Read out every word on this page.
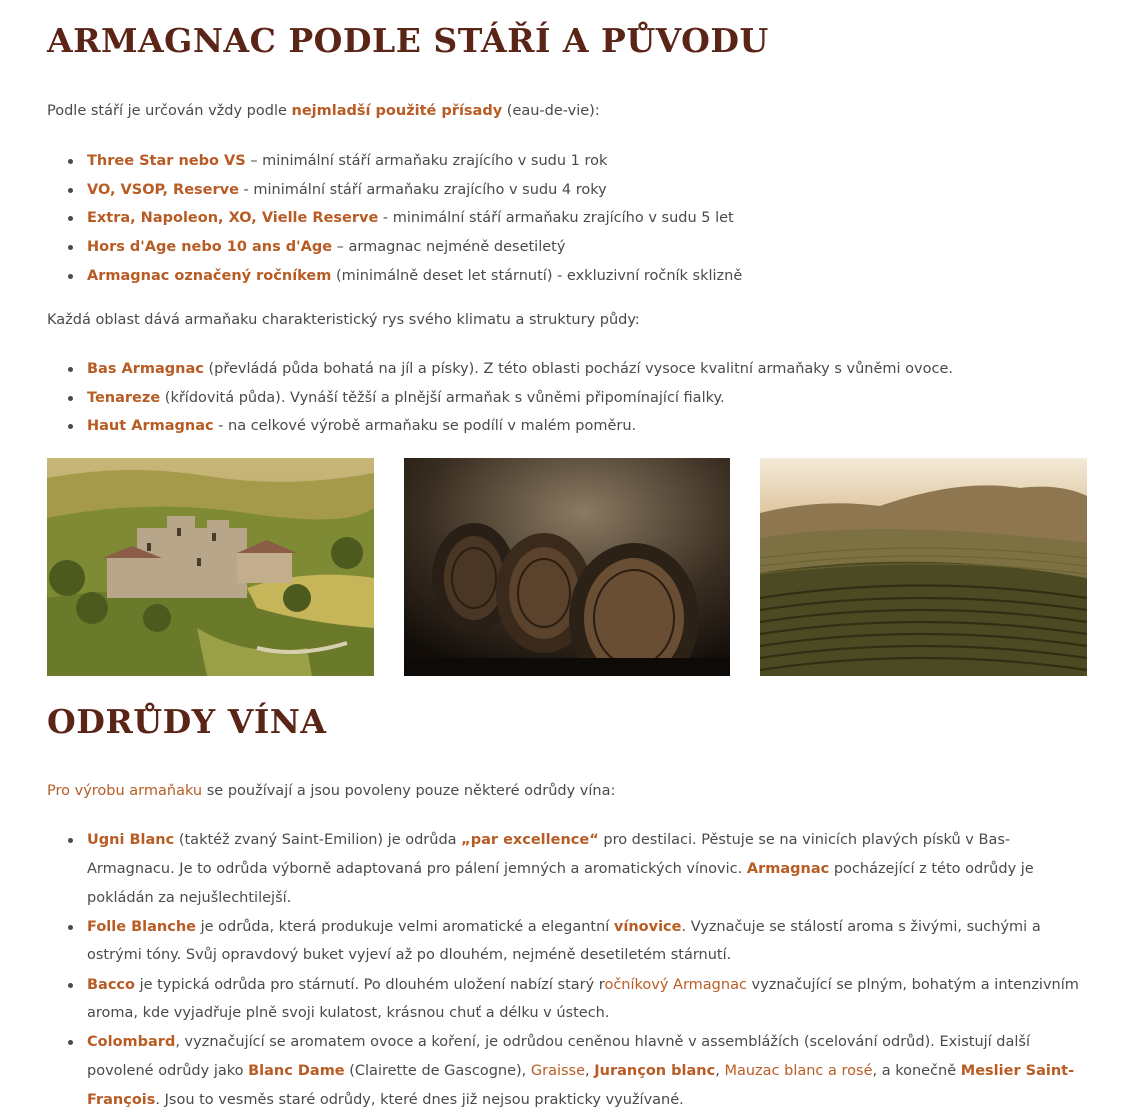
ARMAGNAC PODLE STÁŘÍ A PŮVODU

Podle stáří je určován vždy podle nejmladší použité přísady (eau-de-vie):

Three Star nebo VS – minimální stáří armaňaku zrajícího v sudu 1 rok
VO, VSOP, Reserve - minimální stáří armaňaku zrajícího v sudu 4 roky
Extra, Napoleon, XO, Vielle Reserve - minimální stáří armaňaku zrajícího v sudu 5 let
Hors d'Age nebo 10 ans d'Age – armagnac nejméně desetiletý
Armagnac označený ročníkem (minimálně deset let stárnutí) - exkluzivní ročník sklizně

Každá oblast dává armaňaku charakteristický rys svého klimatu a struktury půdy:

Bas Armagnac (převládá půda bohatá na jíl a písky). Z této oblasti pochází vysoce kvalitní armaňaky s vůněmi ovoce.
Tenareze (křídovitá půda). Vynáší těžší a plnější armaňak s vůněmi připomínající fialky.
Haut Armagnac - na celkové výrobě armaňaku se podílí v malém poměru.
ODRŮDY VÍNA

Pro výrobu armaňaku se používají a jsou povoleny pouze některé odrůdy vína:

Ugni Blanc (taktéž zvaný Saint-Emilion) je odrůda „par excellence“ pro destilaci. Pěstuje se na vinicích plavých písků v Bas-Armagnacu. Je to odrůda výborně adaptovaná pro pálení jemných a aromatických vínovic. Armagnac pocházející z této odrůdy je pokládán za nejušlechtilejší.
Folle Blanche je odrůda, která produkuje velmi aromatické a elegantní vínovice. Vyznačuje se stálostí aroma s živými, suchými a ostrými tóny. Svůj opravdový buket vyjeví až po dlouhém, nejméně desetiletém stárnutí.
Bacco je typická odrůda pro stárnutí. Po dlouhém uložení nabízí starý ročníkový Armagnac vyznačující se plným, bohatým a intenzivním aroma, kde vyjadřuje plně svoji kulatost, krásnou chuť a délku v ústech.
Colombard, vyznačující se aromatem ovoce a koření, je odrůdou ceněnou hlavně v assemblážích (scelování odrůd). Existují další povolené odrůdy jako Blanc Dame (Clairette de Gascogne), Graisse, Jurançon blanc, Mauzac blanc a rosé, a konečně Meslier Saint-François. Jsou to vesměs staré odrůdy, které dnes již nejsou prakticky využívané.
